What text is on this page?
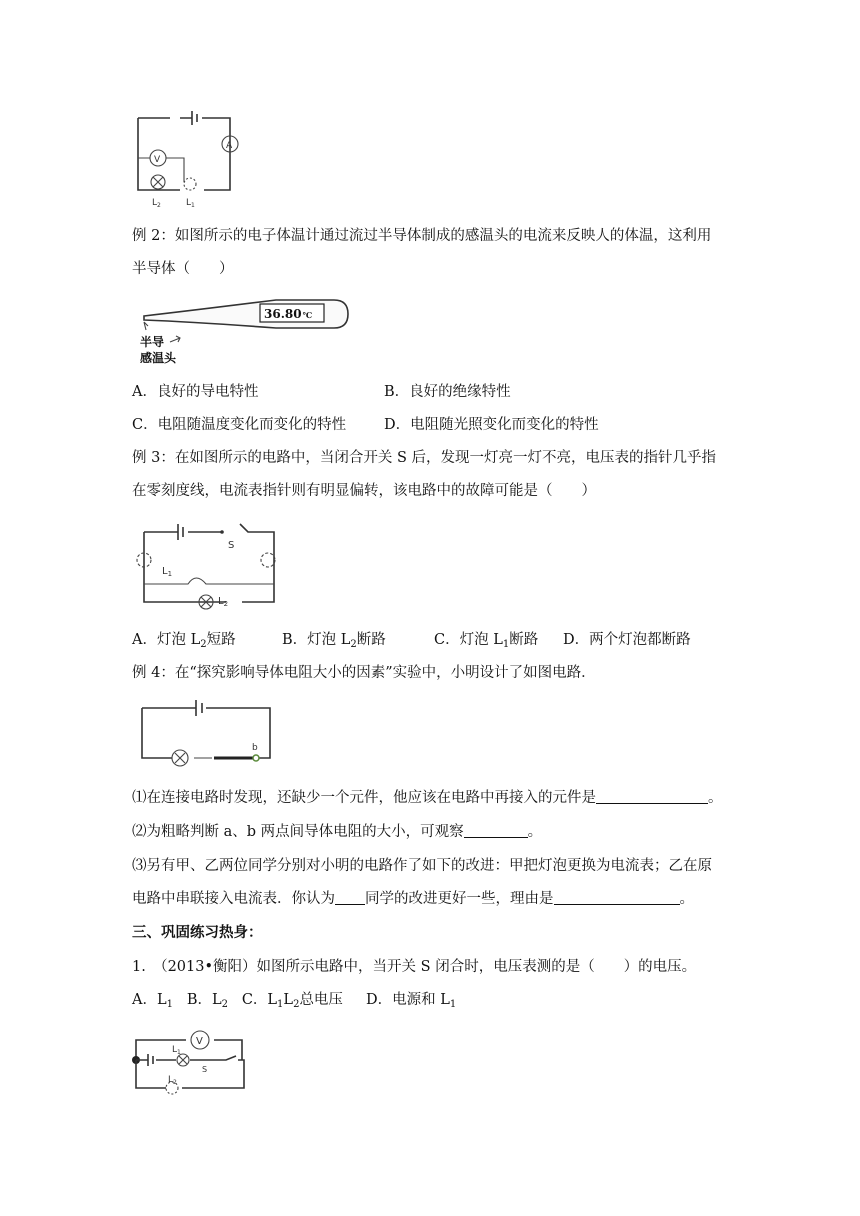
A
V
$L_2$	$L_1$
例 2：如图所示的电子体温计通过流过半导体制成的感温头的电流来反映人的体温，这利用
半导体（　　）
36.80℃
半导
感温头
A．良好的导电特性	B．良好的绝缘特性
C．电阻随温度变化而变化的特性	D．电阻随光照变化而变化的特性
例 3：在如图所示的电路中，当闭合开关 S 后，发现一灯亮一灯不亮，电压表的指针几乎指
在零刻度线，电流表指针则有明显偏转，该电路中的故障可能是（　　）
S
$L_1$
$L_2$
A．灯泡 $L_2$短路	B．灯泡 $L_2$断路	C．灯泡 $L_1$断路 D．两个灯泡都断路
例 4：在“探究影响导体电阻大小的因素”实验中，小明设计了如图电路．
b
⑴在连接电路时发现，还缺少一个元件，他应该在电路中再接入的元件是	。
⑵为粗略判断 a、b 两点间导体电阻的大小，可观察	。
⑶另有甲、乙两位同学分别对小明的电路作了如下的改进：甲把灯泡更换为电流表；乙在原
电路中串联接入电流表．你认为 同学的改进更好一些，理由是	。
三、巩固练习热身：
1.　（2013•衡阳）如图所示电路中，当开关 S 闭合时，电压表测的是（　　）的电压。
A．$L_1$ B．$L_2$ C．$L_1L_2$总电压 D．电源和 $L_1$
V
$L_1$
S
$L_2$
